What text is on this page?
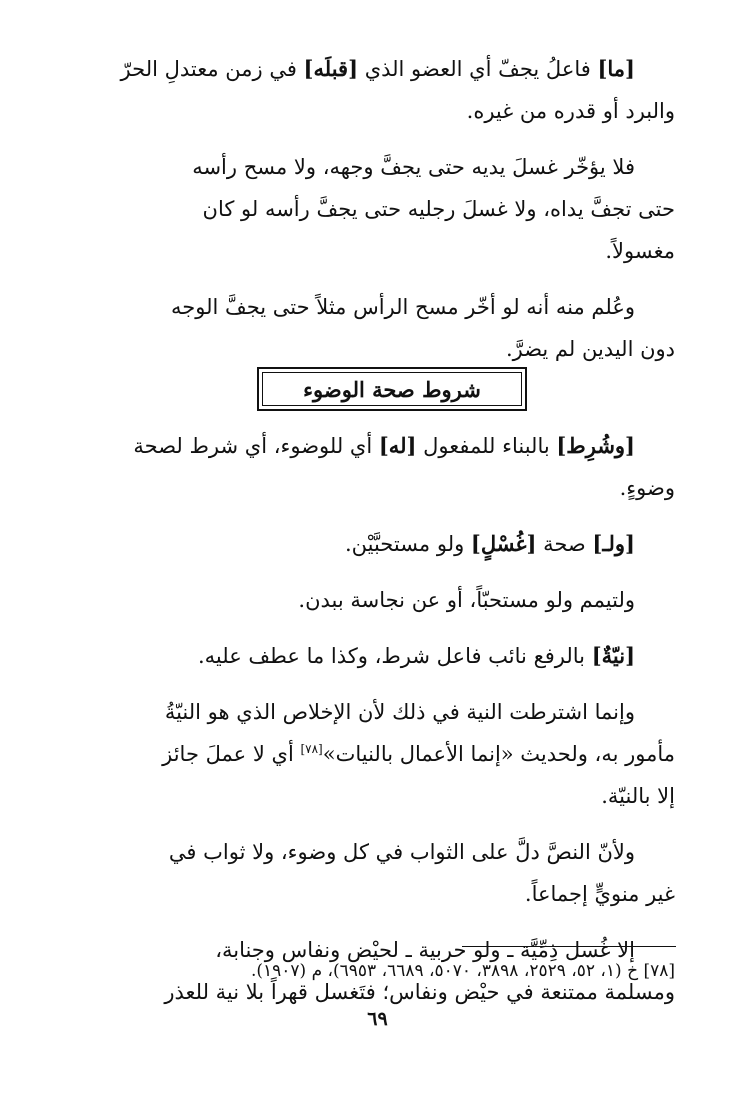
[ما] فاعلُ يجفّ أي العضو الذي [قبلَه] في زمن معتدلِ الحرّ
والبرد أو قدره من غيره.

فلا يؤخّر غسلَ يديه حتى يجفَّ وجهه، ولا مسح رأسه
حتى تجفَّ يداه، ولا غسلَ رجليه حتى يجفَّ رأسه لو كان
مغسولاً.

وعُلم منه أنه لو أخّر مسح الرأس مثلاً حتى يجفَّ الوجه
دون اليدين لم يضرَّ.

شروط صحة الوضوء

[وشُرِط] بالبناء للمفعول [له] أي للوضوء، أي شرط لصحة
وضوءٍ.

[ولـ] صحة [غُسْلٍ] ولو مستحبَّيْن.

ولتيمم ولو مستحبّاً، أو عن نجاسة ببدن.

[نيّةٌ] بالرفع نائب فاعل شرط، وكذا ما عطف عليه.

وإنما اشترطت النية في ذلك لأن الإخلاص الذي هو النيّةُ
مأمور به، ولحديث «إنما الأعمال بالنيات»[٧٨] أي لا عملَ جائز
إلا بالنيّة.

ولأنّ النصَّ دلَّ على الثواب في كل وضوء، ولا ثواب في
غير منويٍّ إجماعاً.

إلا غُسل ذِمِّيَّة ـ ولو حربية ـ لحيْض ونفاس وجنابة،
ومسلمة ممتنعة في حيْض ونفاس؛ فتَغسل قهراً بلا نية للعذر

[٧٨] خ (١، ٥٢، ٢٥٢٩، ٣٨٩٨، ٥٠٧٠، ٦٦٨٩، ٦٩٥٣)، م (١٩٠٧).
٦٩
